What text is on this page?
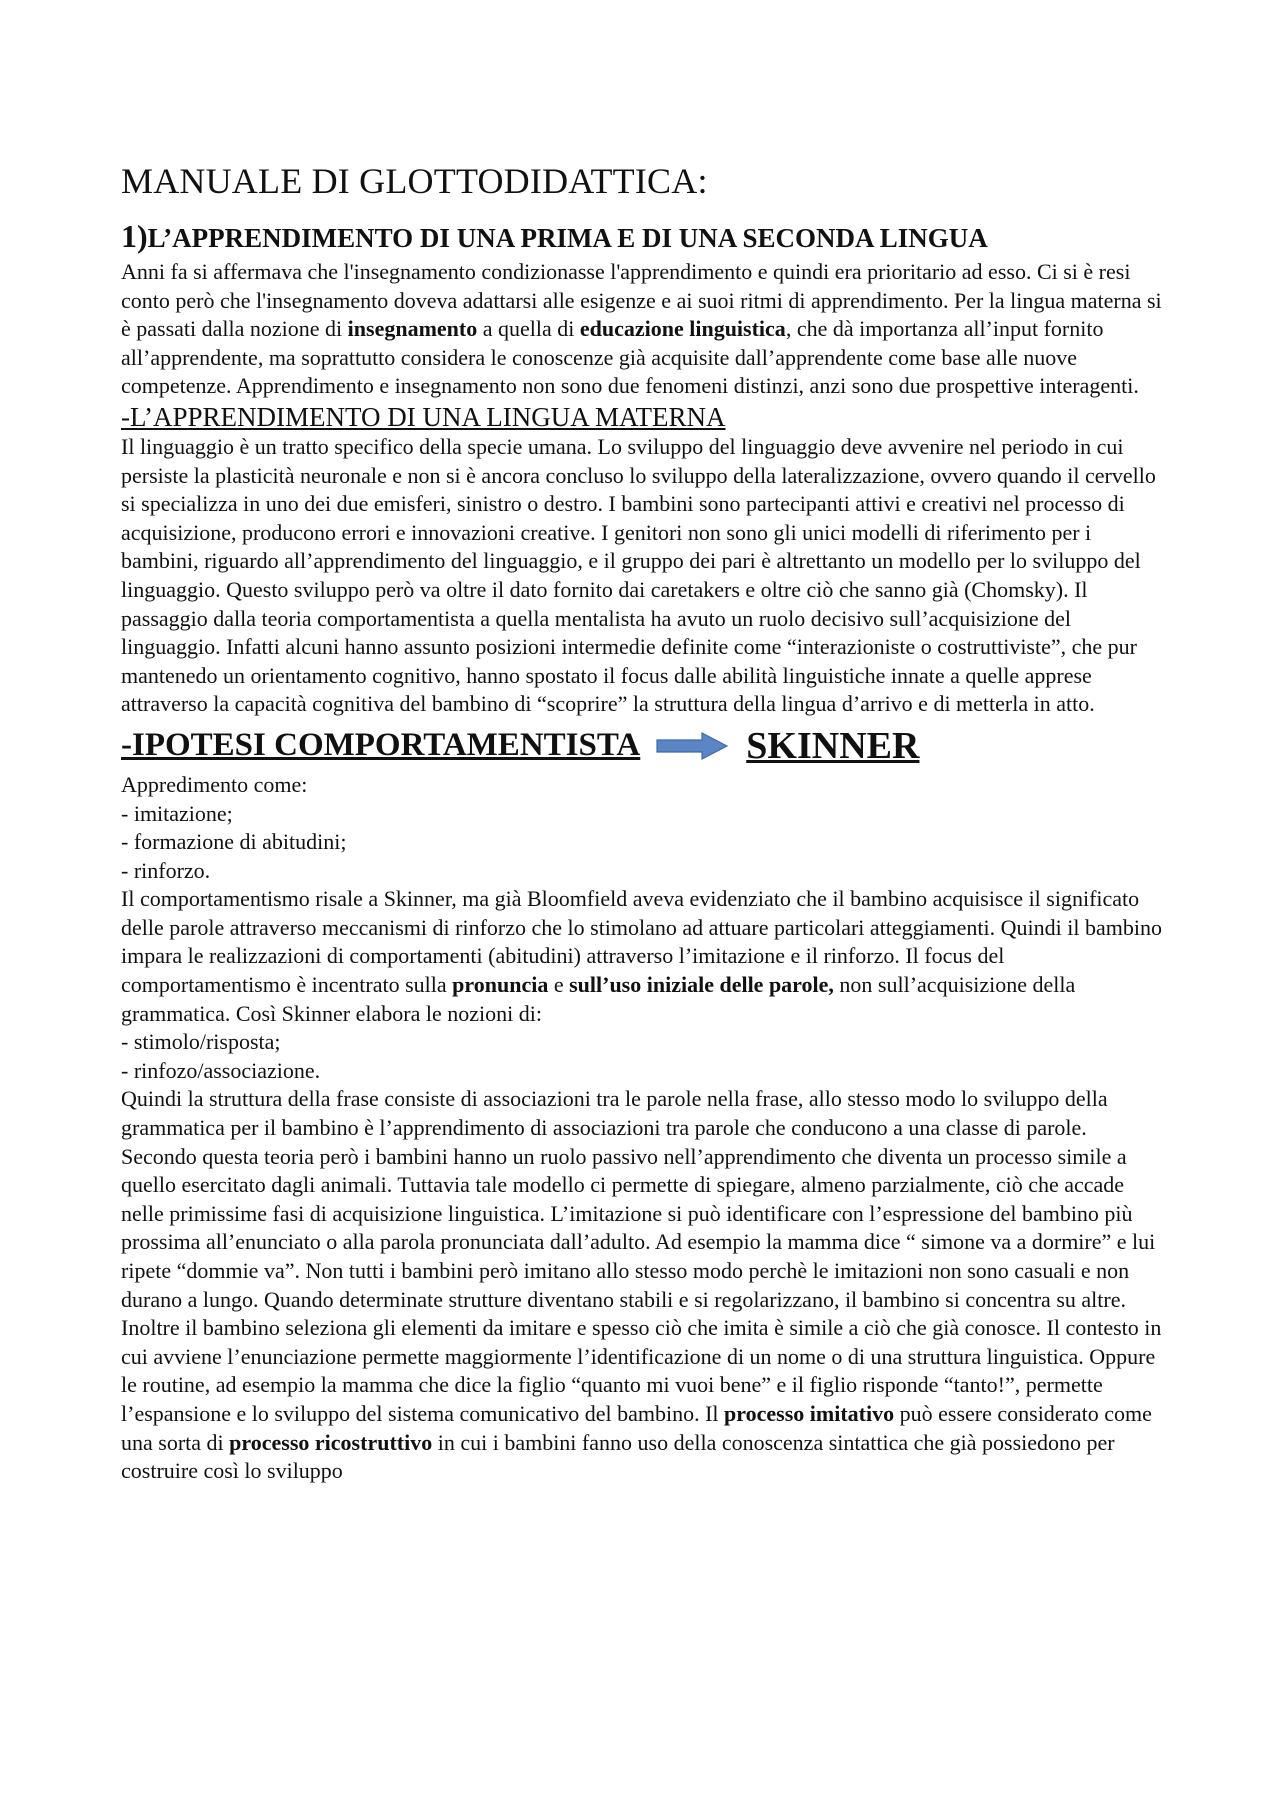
MANUALE DI GLOTTODIDATTICA:
1)L’APPRENDIMENTO DI UNA PRIMA E DI UNA SECONDA LINGUA

Anni fa si affermava che l'insegnamento condizionasse l'apprendimento e quindi era prioritario ad esso. Ci si è resi conto però che l'insegnamento doveva adattarsi alle esigenze e ai suoi ritmi di apprendimento. Per la lingua materna si è passati dalla nozione di insegnamento a quella di educazione linguistica, che dà importanza all’input fornito all’apprendente, ma soprattutto considera le conoscenze già acquisite dall’apprendente come base alle nuove competenze. Apprendimento e insegnamento non sono due fenomeni distinzi, anzi sono due prospettive interagenti.

-L’APPRENDIMENTO DI UNA LINGUA MATERNA

Il linguaggio è un tratto specifico della specie umana. Lo sviluppo del linguaggio deve avvenire nel periodo in cui persiste la plasticità neuronale e non si è ancora concluso lo sviluppo della lateralizzazione, ovvero quando il cervello si specializza in uno dei due emisferi, sinistro o destro. I bambini sono partecipanti attivi e creativi nel processo di acquisizione, producono errori e innovazioni creative. I genitori non sono gli unici modelli di riferimento per i bambini, riguardo all’apprendimento del linguaggio, e il gruppo dei pari è altrettanto un modello per lo sviluppo del linguaggio. Questo sviluppo però va oltre il dato fornito dai caretakers e oltre ciò che sanno già (Chomsky). Il passaggio dalla teoria comportamentista a quella mentalista ha avuto un ruolo decisivo sull’acquisizione del linguaggio. Infatti alcuni hanno assunto posizioni intermedie definite come “interazioniste o costruttiviste”, che pur mantenedo un orientamento cognitivo, hanno spostato il focus dalle abilità linguistiche innate a quelle apprese attraverso la capacità cognitiva del bambino di “scoprire” la struttura della lingua d’arrivo e di metterla in atto.

-IPOTESI COMPORTAMENTISTA	SKINNER

Appredimento come:

- imitazione;

- formazione di abitudini;

- rinforzo.

Il comportamentismo risale a Skinner, ma già Bloomfield aveva evidenziato che il bambino acquisisce il significato delle parole attraverso meccanismi di rinforzo che lo stimolano ad attuare particolari atteggiamenti. Quindi il bambino impara le realizzazioni di comportamenti (abitudini) attraverso l’imitazione e il rinforzo. Il focus del comportamentismo è incentrato sulla pronuncia e sull’uso iniziale delle parole, non sull’acquisizione della grammatica. Così Skinner elabora le nozioni di:

- stimolo/risposta;

- rinfozo/associazione.

Quindi la struttura della frase consiste di associazioni tra le parole nella frase, allo stesso modo lo sviluppo della grammatica per il bambino è l’apprendimento di associazioni tra parole che conducono a una classe di parole. Secondo questa teoria però i bambini hanno un ruolo passivo nell’apprendimento che diventa un processo simile a quello esercitato dagli animali. Tuttavia tale modello ci permette di spiegare, almeno parzialmente, ciò che accade nelle primissime fasi di acquisizione linguistica. L’imitazione si può identificare con l’espressione del bambino più prossima all’enunciato o alla parola pronunciata dall’adulto. Ad esempio la mamma dice “ simone va a dormire” e lui ripete “dommie va”. Non tutti i bambini però imitano allo stesso modo perchè le imitazioni non sono casuali e non durano a lungo. Quando determinate strutture diventano stabili e si regolarizzano, il bambino si concentra su altre. Inoltre il bambino seleziona gli elementi da imitare e spesso ciò che imita è simile a ciò che già conosce. Il contesto in cui avviene l’enunciazione permette maggiormente l’identificazione di un nome o di una struttura linguistica. Oppure le routine, ad esempio la mamma che dice la figlio “quanto mi vuoi bene” e il figlio risponde “tanto!”, permette l’espansione e lo sviluppo del sistema comunicativo del bambino. Il processo imitativo può essere considerato come una sorta di processo ricostruttivo in cui i bambini fanno uso della conoscenza sintattica che già possiedono per costruire così lo sviluppo
